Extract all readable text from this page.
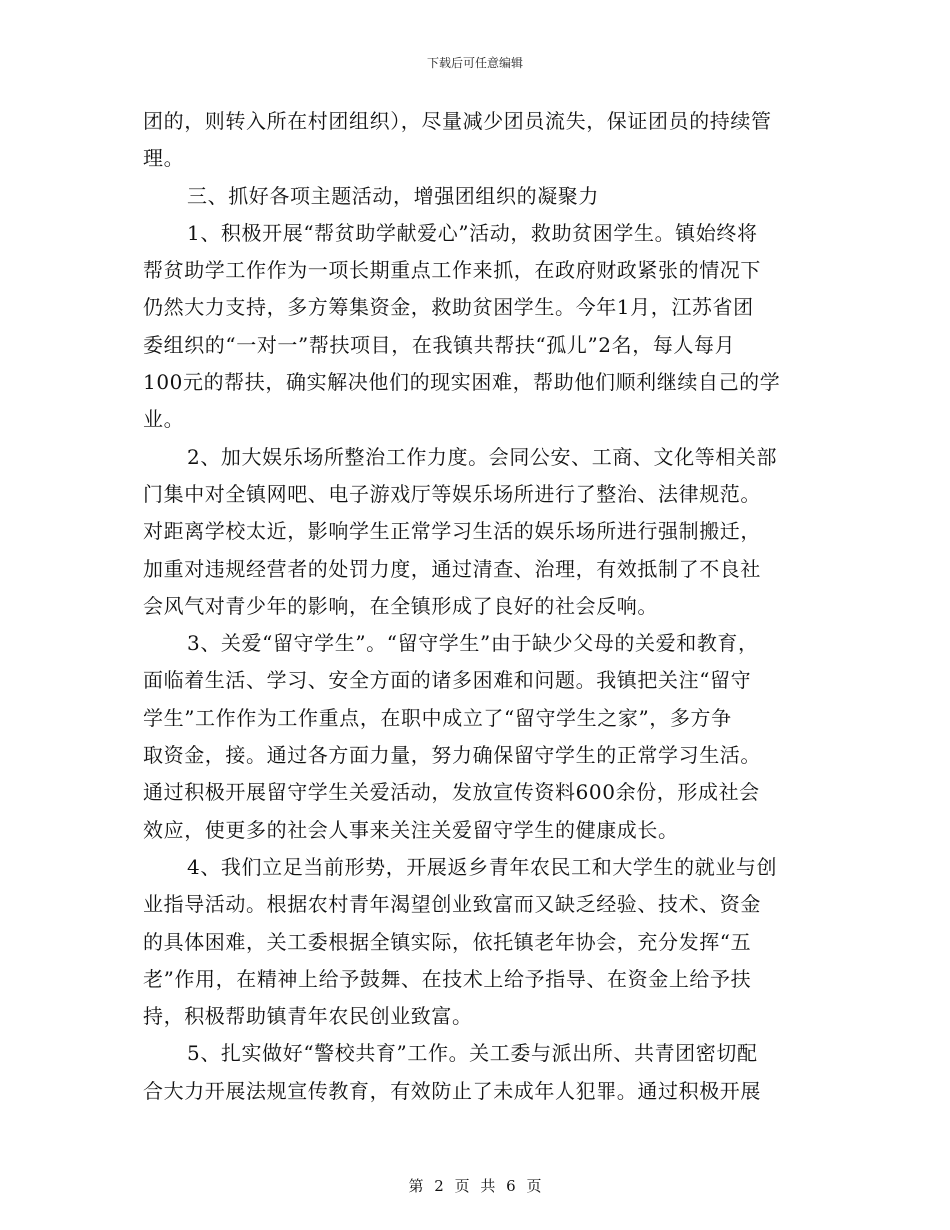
下载后可任意编辑
团的，则转入所在村团组织），尽量减少团员流失，保证团员的持续管
理。
三、抓好各项主题活动，增强团组织的凝聚力
1、积极开展“帮贫助学献爱心”活动，救助贫困学生。镇始终将
帮贫助学工作作为一项长期重点工作来抓，在政府财政紧张的情况下
仍然大力支持，多方筹集资金，救助贫困学生。今年1月，江苏省团
委组织的“一对一”帮扶项目，在我镇共帮扶“孤儿”2名，每人每月
100元的帮扶，确实解决他们的现实困难，帮助他们顺利继续自己的学
业。
2、加大娱乐场所整治工作力度。会同公安、工商、文化等相关部
门集中对全镇网吧、电子游戏厅等娱乐场所进行了整治、法律规范。
对距离学校太近，影响学生正常学习生活的娱乐场所进行强制搬迁，
加重对违规经营者的处罚力度，通过清查、治理，有效抵制了不良社
会风气对青少年的影响，在全镇形成了良好的社会反响。
3、关爱“留守学生”。“留守学生”由于缺少父母的关爱和教育，
面临着生活、学习、安全方面的诸多困难和问题。我镇把关注“留守
学生”工作作为工作重点，在职中成立了“留守学生之家”，多方争
取资金，接。通过各方面力量，努力确保留守学生的正常学习生活。
通过积极开展留守学生关爱活动，发放宣传资料600余份，形成社会
效应，使更多的社会人事来关注关爱留守学生的健康成长。
4、我们立足当前形势，开展返乡青年农民工和大学生的就业与创
业指导活动。根据农村青年渴望创业致富而又缺乏经验、技术、资金
的具体困难，关工委根据全镇实际，依托镇老年协会，充分发挥“五
老”作用，在精神上给予鼓舞、在技术上给予指导、在资金上给予扶
持，积极帮助镇青年农民创业致富。
5、扎实做好“警校共育”工作。关工委与派出所、共青团密切配
合大力开展法规宣传教育，有效防止了未成年人犯罪。通过积极开展
第 2 页 共 6 页
